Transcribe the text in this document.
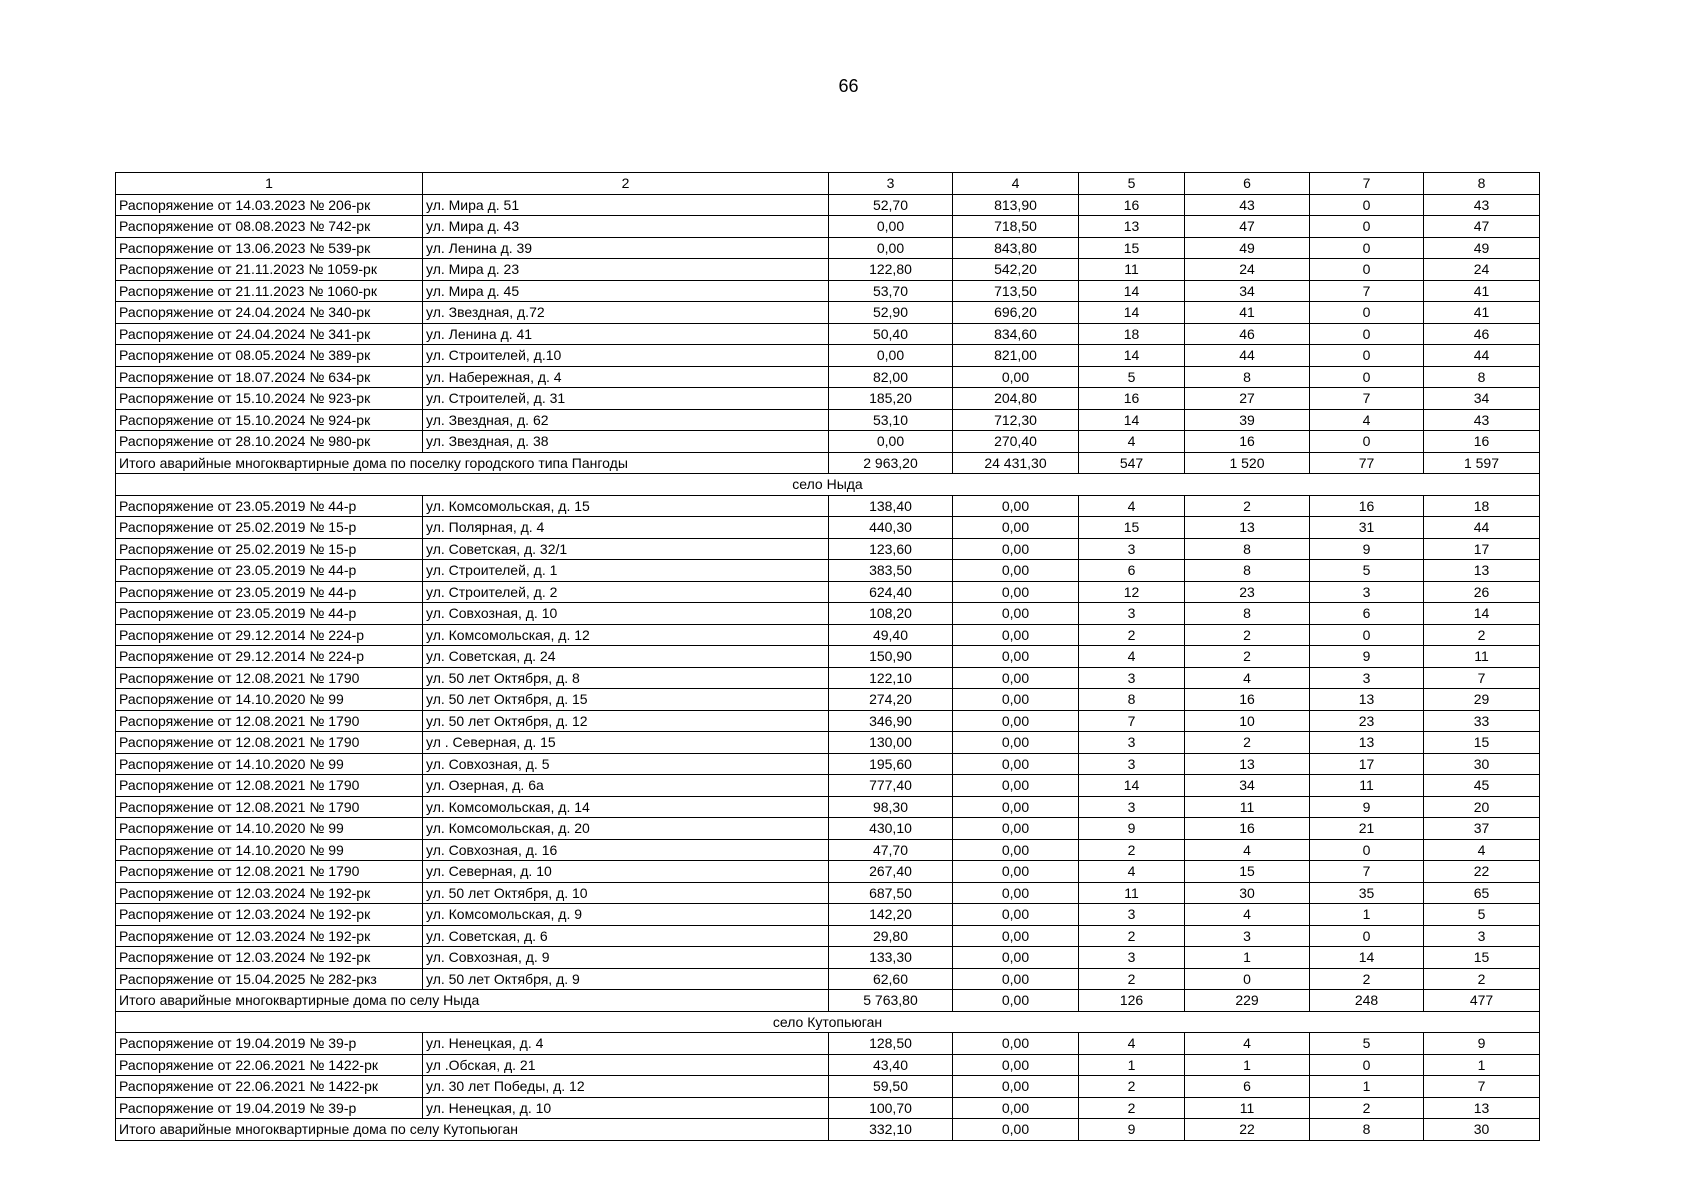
66
1	2	3	4	5	6	7	8
Распоряжение от 14.03.2023 № 206-рк	ул. Мира д. 51	52,70	813,90	16	43	0	43
Распоряжение от 08.08.2023 № 742-рк	ул. Мира д. 43	0,00	718,50	13	47	0	47
Распоряжение от 13.06.2023 № 539-рк	ул. Ленина д. 39	0,00	843,80	15	49	0	49
Распоряжение от 21.11.2023 № 1059-рк	ул. Мира д. 23	122,80	542,20	11	24	0	24
Распоряжение от 21.11.2023 № 1060-рк	ул. Мира д. 45	53,70	713,50	14	34	7	41
Распоряжение от 24.04.2024 № 340-рк	ул. Звездная, д.72	52,90	696,20	14	41	0	41
Распоряжение от 24.04.2024 № 341-рк	ул. Ленина д. 41	50,40	834,60	18	46	0	46
Распоряжение от 08.05.2024 № 389-рк	ул. Строителей, д.10	0,00	821,00	14	44	0	44
Распоряжение от 18.07.2024 № 634-рк	ул. Набережная, д. 4	82,00	0,00	5	8	0	8
Распоряжение от 15.10.2024 № 923-рк	ул. Строителей, д. 31	185,20	204,80	16	27	7	34
Распоряжение от 15.10.2024 № 924-рк	ул. Звездная, д. 62	53,10	712,30	14	39	4	43
Распоряжение от 28.10.2024 № 980-рк	ул. Звездная, д. 38	0,00	270,40	4	16	0	16
Итого аварийные многоквартирные дома по поселку городского типа Пангоды		2 963,20	24 431,30	547	1 520	77	1 597
село Ныда							
Распоряжение от 23.05.2019 № 44-р	ул. Комсомольская, д. 15	138,40	0,00	4	2	16	18
Распоряжение от 25.02.2019 № 15-р	ул. Полярная, д. 4	440,30	0,00	15	13	31	44
Распоряжение от 25.02.2019 № 15-р	ул. Советская, д. 32/1	123,60	0,00	3	8	9	17
Распоряжение от 23.05.2019 № 44-р	ул. Строителей, д. 1	383,50	0,00	6	8	5	13
Распоряжение от 23.05.2019 № 44-р	ул. Строителей, д. 2	624,40	0,00	12	23	3	26
Распоряжение от 23.05.2019 № 44-р	ул. Совхозная, д. 10	108,20	0,00	3	8	6	14
Распоряжение от 29.12.2014 № 224-р	ул. Комсомольская, д. 12	49,40	0,00	2	2	0	2
Распоряжение от 29.12.2014 № 224-р	ул. Советская, д. 24	150,90	0,00	4	2	9	11
Распоряжение от 12.08.2021 № 1790	ул. 50 лет Октября, д. 8	122,10	0,00	3	4	3	7
Распоряжение от 14.10.2020 № 99	ул. 50 лет Октября, д. 15	274,20	0,00	8	16	13	29
Распоряжение от 12.08.2021 № 1790	ул. 50 лет Октября, д. 12	346,90	0,00	7	10	23	33
Распоряжение от 12.08.2021 № 1790	ул . Северная, д. 15	130,00	0,00	3	2	13	15
Распоряжение от 14.10.2020 № 99	ул. Совхозная, д. 5	195,60	0,00	3	13	17	30
Распоряжение от 12.08.2021 № 1790	ул. Озерная, д. 6а	777,40	0,00	14	34	11	45
Распоряжение от 12.08.2021 № 1790	ул. Комсомольская, д. 14	98,30	0,00	3	11	9	20
Распоряжение от 14.10.2020 № 99	ул. Комсомольская, д. 20	430,10	0,00	9	16	21	37
Распоряжение от 14.10.2020 № 99	ул. Совхозная, д. 16	47,70	0,00	2	4	0	4
Распоряжение от 12.08.2021 № 1790	ул. Северная, д. 10	267,40	0,00	4	15	7	22
Распоряжение от 12.03.2024 № 192-рк	ул. 50 лет Октября, д. 10	687,50	0,00	11	30	35	65
Распоряжение от 12.03.2024 № 192-рк	ул. Комсомольская, д. 9	142,20	0,00	3	4	1	5
Распоряжение от 12.03.2024 № 192-рк	ул. Советская, д. 6	29,80	0,00	2	3	0	3
Распоряжение от 12.03.2024 № 192-рк	ул. Совхозная, д. 9	133,30	0,00	3	1	14	15
Распоряжение от 15.04.2025 № 282-ркз	ул. 50 лет Октября, д. 9	62,60	0,00	2	0	2	2
Итого аварийные многоквартирные дома по селу Ныда		5 763,80	0,00	126	229	248	477
село Кутопьюган							
Распоряжение от 19.04.2019 № 39-р	ул. Ненецкая, д. 4	128,50	0,00	4	4	5	9
Распоряжение от 22.06.2021 № 1422-рк	ул .Обская, д. 21	43,40	0,00	1	1	0	1
Распоряжение от 22.06.2021 № 1422-рк	ул. 30 лет Победы, д. 12	59,50	0,00	2	6	1	7
Распоряжение от 19.04.2019 № 39-р	ул. Ненецкая, д. 10	100,70	0,00	2	11	2	13
Итого аварийные многоквартирные дома по селу Кутопьюган		332,10	0,00	9	22	8	30
